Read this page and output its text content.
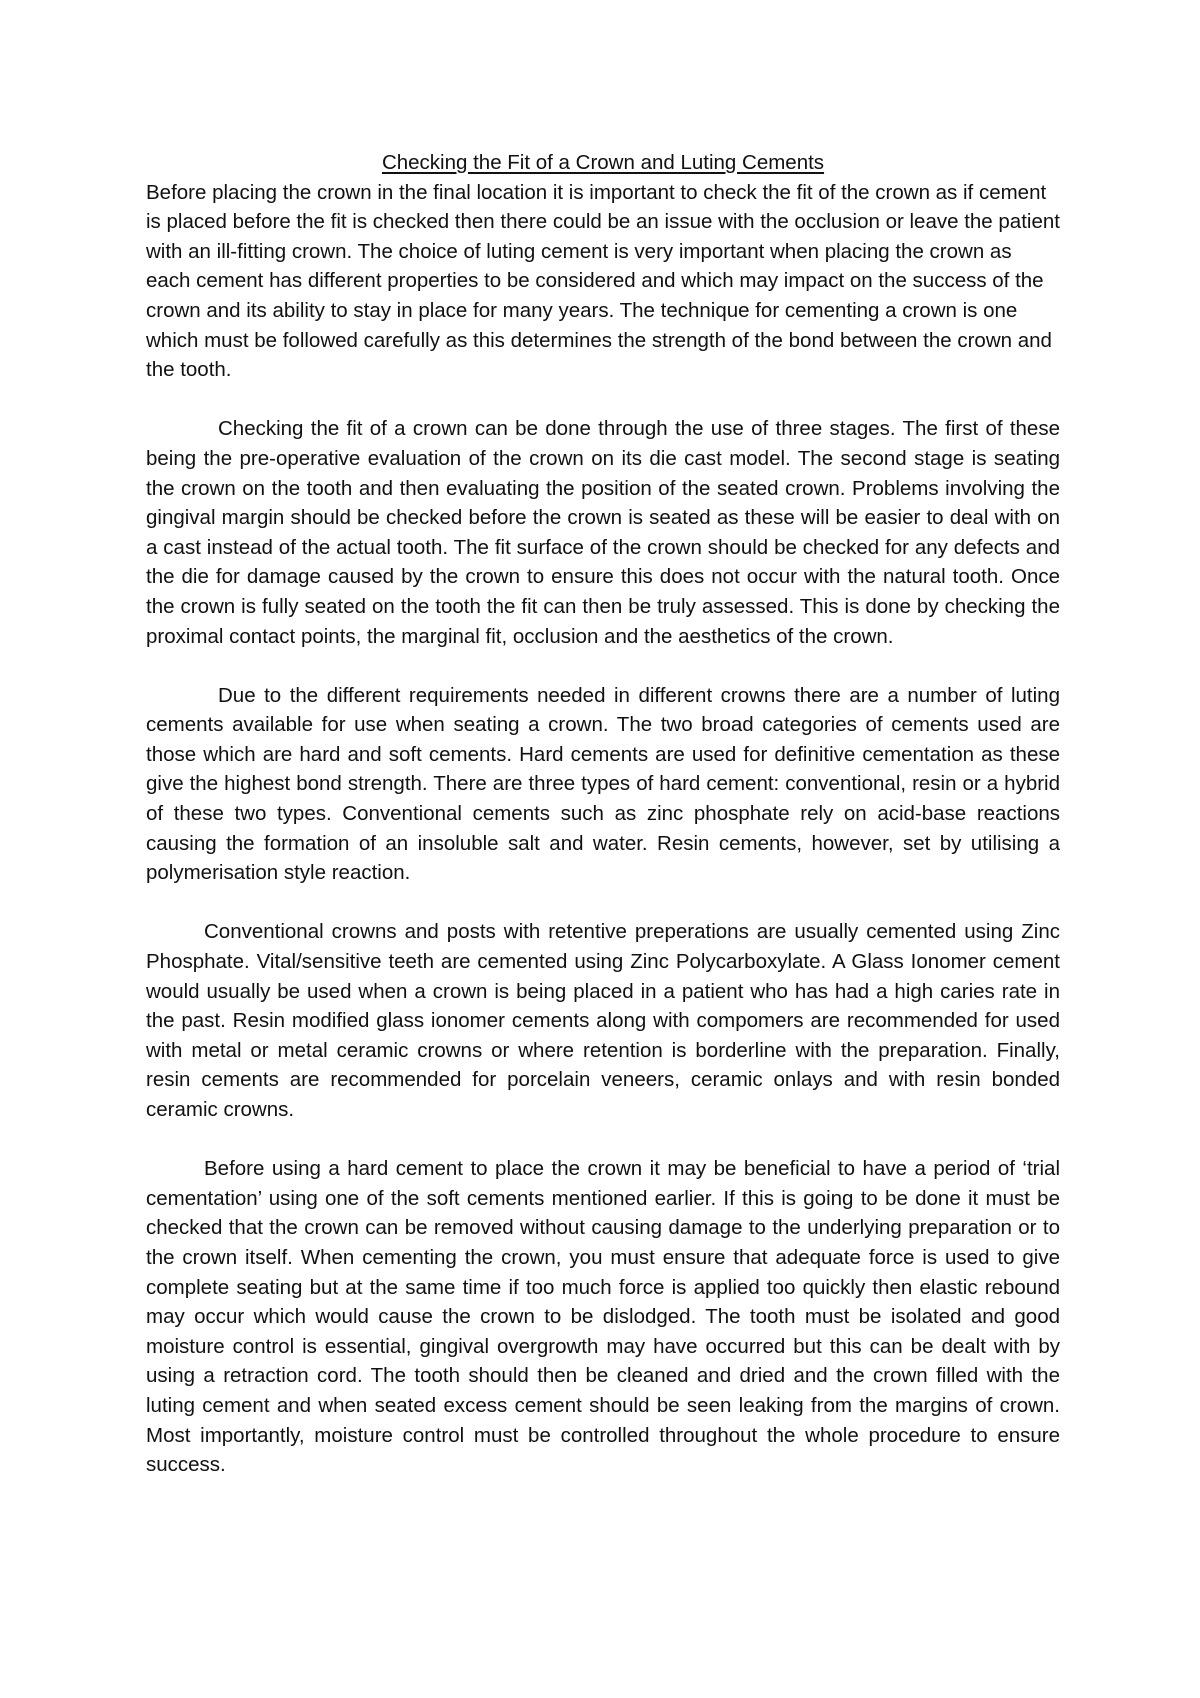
Checking the Fit of a Crown and Luting Cements

Before placing the crown in the final location it is important to check the fit of the crown as if cement is placed before the fit is checked then there could be an issue with the occlusion or leave the patient with an ill-fitting crown. The choice of luting cement is very important when placing the crown as each cement has different properties to be considered and which may impact on the success of the crown and its ability to stay in place for many years. The technique for cementing a crown is one which must be followed carefully as this determines the strength of the bond between the crown and the tooth.

Checking the fit of a crown can be done through the use of three stages. The first of these being the pre-operative evaluation of the crown on its die cast model. The second stage is seating the crown on the tooth and then evaluating the position of the seated crown. Problems involving the gingival margin should be checked before the crown is seated as these will be easier to deal with on a cast instead of the actual tooth. The fit surface of the crown should be checked for any defects and the die for damage caused by the crown to ensure this does not occur with the natural tooth. Once the crown is fully seated on the tooth the fit can then be truly assessed. This is done by checking the proximal contact points, the marginal fit, occlusion and the aesthetics of the crown.

Due to the different requirements needed in different crowns there are a number of luting cements available for use when seating a crown. The two broad categories of cements used are those which are hard and soft cements. Hard cements are used for definitive cementation as these give the highest bond strength. There are three types of hard cement: conventional, resin or a hybrid of these two types. Conventional cements such as zinc phosphate rely on acid-base reactions causing the formation of an insoluble salt and water. Resin cements, however, set by utilising a polymerisation style reaction.

Conventional crowns and posts with retentive preperations are usually cemented using Zinc Phosphate. Vital/sensitive teeth are cemented using Zinc Polycarboxylate. A Glass Ionomer cement would usually be used when a crown is being placed in a patient who has had a high caries rate in the past. Resin modified glass ionomer cements along with compomers are recommended for used with metal or metal ceramic crowns or where retention is borderline with the preparation. Finally, resin cements are recommended for porcelain veneers, ceramic onlays and with resin bonded ceramic crowns.

Before using a hard cement to place the crown it may be beneficial to have a period of ‘trial cementation’ using one of the soft cements mentioned earlier. If this is going to be done it must be checked that the crown can be removed without causing damage to the underlying preparation or to the crown itself. When cementing the crown, you must ensure that adequate force is used to give complete seating but at the same time if too much force is applied too quickly then elastic rebound may occur which would cause the crown to be dislodged. The tooth must be isolated and good moisture control is essential, gingival overgrowth may have occurred but this can be dealt with by using a retraction cord. The tooth should then be cleaned and dried and the crown filled with the luting cement and when seated excess cement should be seen leaking from the margins of crown. Most importantly, moisture control must be controlled throughout the whole procedure to ensure success.
